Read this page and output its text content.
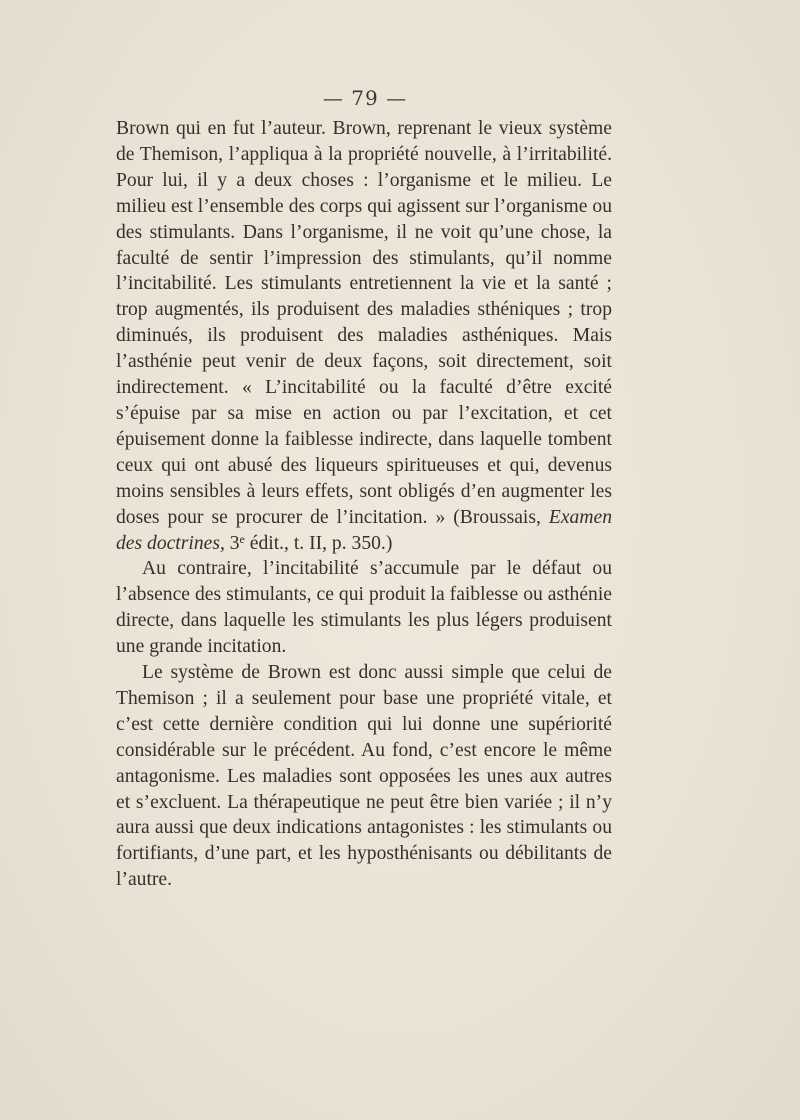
— 79 —

Brown qui en fut l’auteur. Brown, reprenant le vieux système de Themison, l’appliqua à la propriété nouvelle, à l’irritabilité. Pour lui, il y a deux choses : l’organisme et le milieu. Le milieu est l’ensemble des corps qui agissent sur l’organisme ou des stimulants. Dans l’organisme, il ne voit qu’une chose, la faculté de sentir l’impression des stimulants, qu’il nomme l’incitabilité. Les stimulants entretiennent la vie et la santé ; trop augmentés, ils produisent des maladies sthéniques ; trop diminués, ils produisent des maladies asthéniques. Mais l’asthénie peut venir de deux façons, soit directement, soit indirectement. « L’incitabilité ou la faculté d’être excité s’épuise par sa mise en action ou par l’excitation, et cet épuisement donne la faiblesse indirecte, dans laquelle tombent ceux qui ont abusé des liqueurs spiritueuses et qui, devenus moins sensibles à leurs effets, sont obligés d’en augmenter les doses pour se procurer de l’incitation. » (Broussais, Examen des doctrines, 3e édit., t. II, p. 350.)

Au contraire, l’incitabilité s’accumule par le défaut ou l’absence des stimulants, ce qui produit la faiblesse ou asthénie directe, dans laquelle les stimulants les plus légers produisent une grande incitation.

Le système de Brown est donc aussi simple que celui de Themison ; il a seulement pour base une propriété vitale, et c’est cette dernière condition qui lui donne une supériorité considérable sur le précédent. Au fond, c’est encore le même antagonisme. Les maladies sont opposées les unes aux autres et s’excluent. La thérapeutique ne peut être bien variée ; il n’y aura aussi que deux indications antagonistes : les stimulants ou fortifiants, d’une part, et les hyposthénisants ou débilitants de l’autre.
